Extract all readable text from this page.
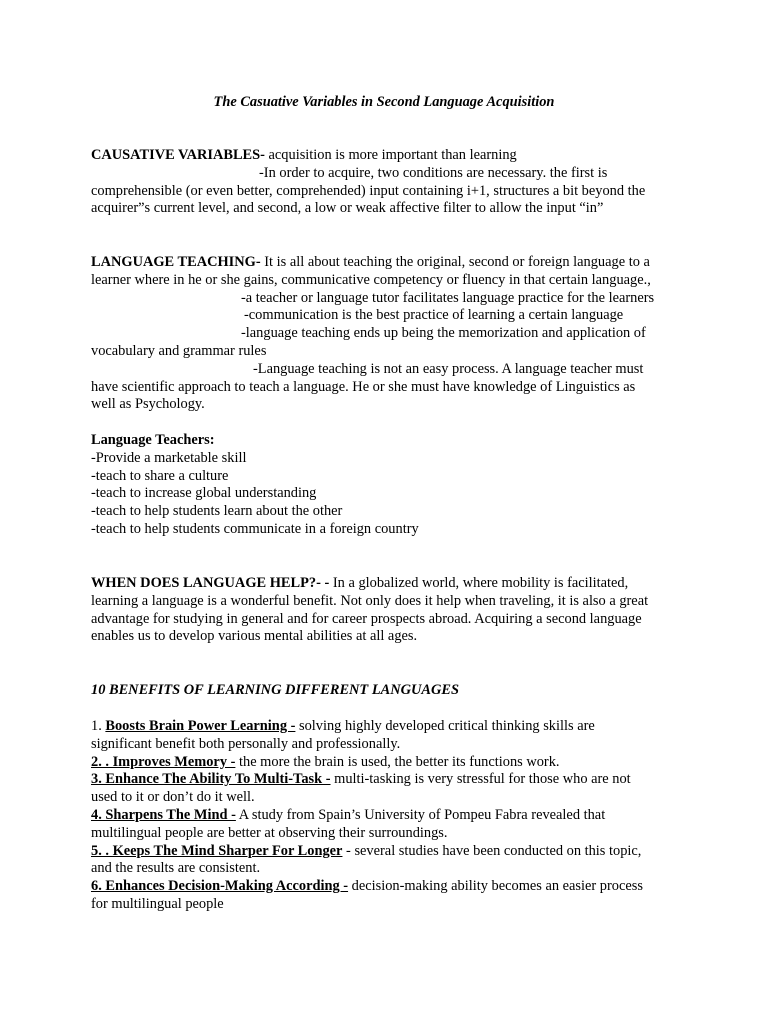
The Casuative Variables in Second Language Acquisition

CAUSATIVE VARIABLES- acquisition is more important than learning

-In order to acquire, two conditions are necessary. the first is

comprehensible (or even better, comprehended) input containing i+1, structures a bit beyond the

acquirer”s current level, and second, a low or weak affective filter to allow the input “in”

LANGUAGE TEACHING- It is all about teaching the original, second or foreign language to a

learner where in he or she gains, communicative competency or fluency in that certain language.,

-a teacher or language tutor facilitates language practice for the learners

-communication is the best practice of learning a certain language

-language teaching ends up being the memorization and application of

vocabulary and grammar rules

-Language teaching is not an easy process. A language teacher must

have scientific approach to teach a language. He or she must have knowledge of Linguistics as

well as Psychology.

Language Teachers:

-Provide a marketable skill

-teach to share a culture

-teach to increase global understanding

-teach to help students learn about the other

-teach to help students communicate in a foreign country

WHEN DOES LANGUAGE HELP?- - In a globalized world, where mobility is facilitated,

learning a language is a wonderful benefit. Not only does it help when traveling, it is also a great

advantage for studying in general and for career prospects abroad. Acquiring a second language

enables us to develop various mental abilities at all ages.

10 BENEFITS OF LEARNING DIFFERENT LANGUAGES

1. Boosts Brain Power Learning - solving highly developed critical thinking skills are

significant benefit both personally and professionally.

2. . Improves Memory - the more the brain is used, the better its functions work.

3. Enhance The Ability To Multi-Task - multi-tasking is very stressful for those who are not

used to it or don’t do it well.

4. Sharpens The Mind - A study from Spain’s University of Pompeu Fabra revealed that

multilingual people are better at observing their surroundings.

5. . Keeps The Mind Sharper For Longer - several studies have been conducted on this topic,

and the results are consistent.

6. Enhances Decision-Making According - decision-making ability becomes an easier process

for multilingual people
